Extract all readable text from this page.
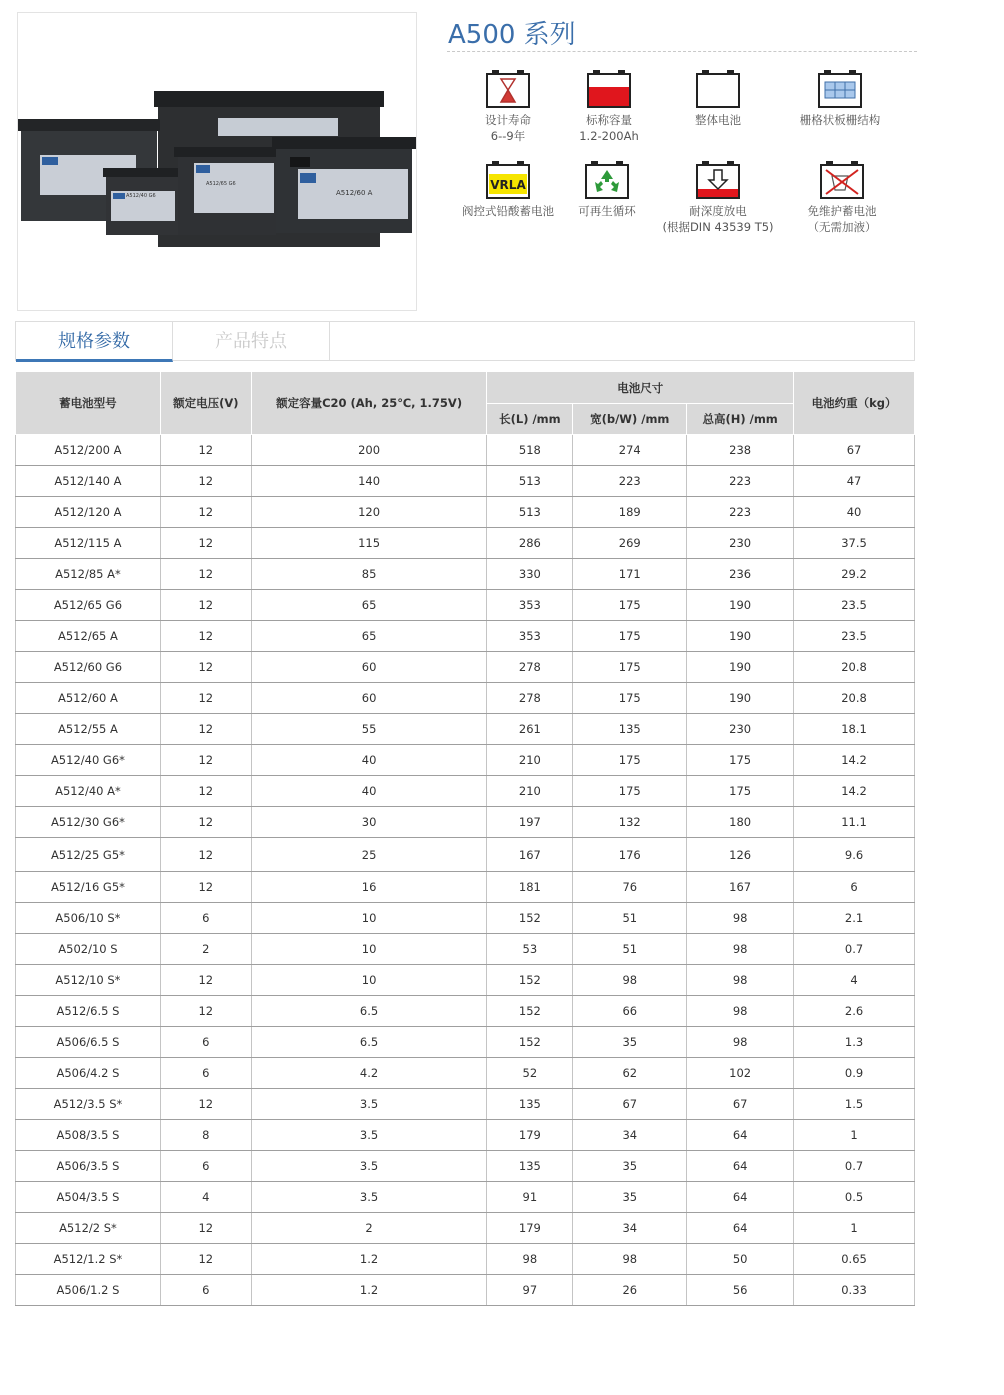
A512/40 G6	A512/60 A
A512/65 G6
A500 系列
设计寿命
6--9年
标称容量
1.2-200Ah
整体电池	栅格状板栅结构
VRLA
阀控式铅酸蓄电池	可再生循环	耐深度放电
(根据DIN 43539 T5)
免维护蓄电池
（无需加液）
规格参数	产品特点
蓄电池型号	额定电压(V)	额定容量C20 (Ah, 25℃, 1.75V)	电池尺寸			电池约重（kg）
			长(L) /mm	宽(b/W) /mm	总高(H) /mm	
A512/200 A	12	200	518	274	238	67
A512/140 A	12	140	513	223	223	47
A512/120 A	12	120	513	189	223	40
A512/115 A	12	115	286	269	230	37.5
A512/85 A*	12	85	330	171	236	29.2
A512/65 G6	12	65	353	175	190	23.5
A512/65 A	12	65	353	175	190	23.5
A512/60 G6	12	60	278	175	190	20.8
A512/60 A	12	60	278	175	190	20.8
A512/55 A	12	55	261	135	230	18.1
A512/40 G6*	12	40	210	175	175	14.2
A512/40 A*	12	40	210	175	175	14.2
A512/30 G6*	12	30	197	132	180	11.1
A512/25 G5*	12	25	167	176	126	9.6
A512/16 G5*	12	16	181	76	167	6
A506/10 S*	6	10	152	51	98	2.1
A502/10 S	2	10	53	51	98	0.7
A512/10 S*	12	10	152	98	98	4
A512/6.5 S	12	6.5	152	66	98	2.6
A506/6.5 S	6	6.5	152	35	98	1.3
A506/4.2 S	6	4.2	52	62	102	0.9
A512/3.5 S*	12	3.5	135	67	67	1.5
A508/3.5 S	8	3.5	179	34	64	1
A506/3.5 S	6	3.5	135	35	64	0.7
A504/3.5 S	4	3.5	91	35	64	0.5
A512/2 S*	12	2	179	34	64	1
A512/1.2 S*	12	1.2	98	98	50	0.65
A506/1.2 S	6	1.2	97	26	56	0.33
